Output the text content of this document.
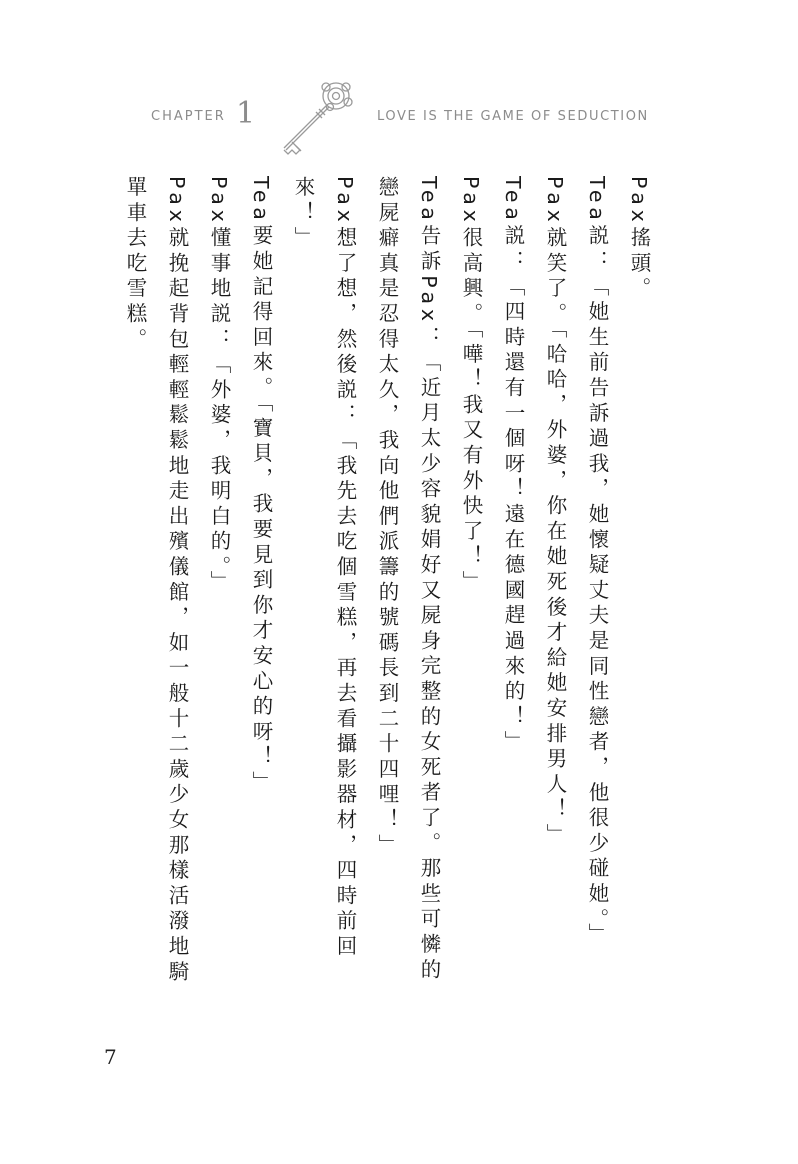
CHAPTER 1	LOVE IS THE GAME OF SEDUCTION

Pax搖頭。

Tea説：「她生前告訴過我，她懷疑丈夫是同性戀者，他很少碰她。」

Pax就笑了。「哈哈，外婆，你在她死後才給她安排男人！」

Tea説：「四時還有一個呀！遠在德國趕過來的！」

Pax很高興。「嘩！我又有外快了！」

Tea告訴Pax：「近月太少容貌娟好又屍身完整的女死者了。那些可憐的戀屍癖真是忍得太久，我向他們派籌的號碼長到二十四哩！」

Pax想了想，然後説：「我先去吃個雪糕，再去看攝影器材，四時前回來！」

Tea要她記得回來。「寶貝，我要見到你才安心的呀！」

Pax懂事地説：「外婆，我明白的。」

Pax就挽起背包輕輕鬆鬆地走出殯儀館，如一般十二歲少女那樣活潑地騎單車去吃雪糕。

7
